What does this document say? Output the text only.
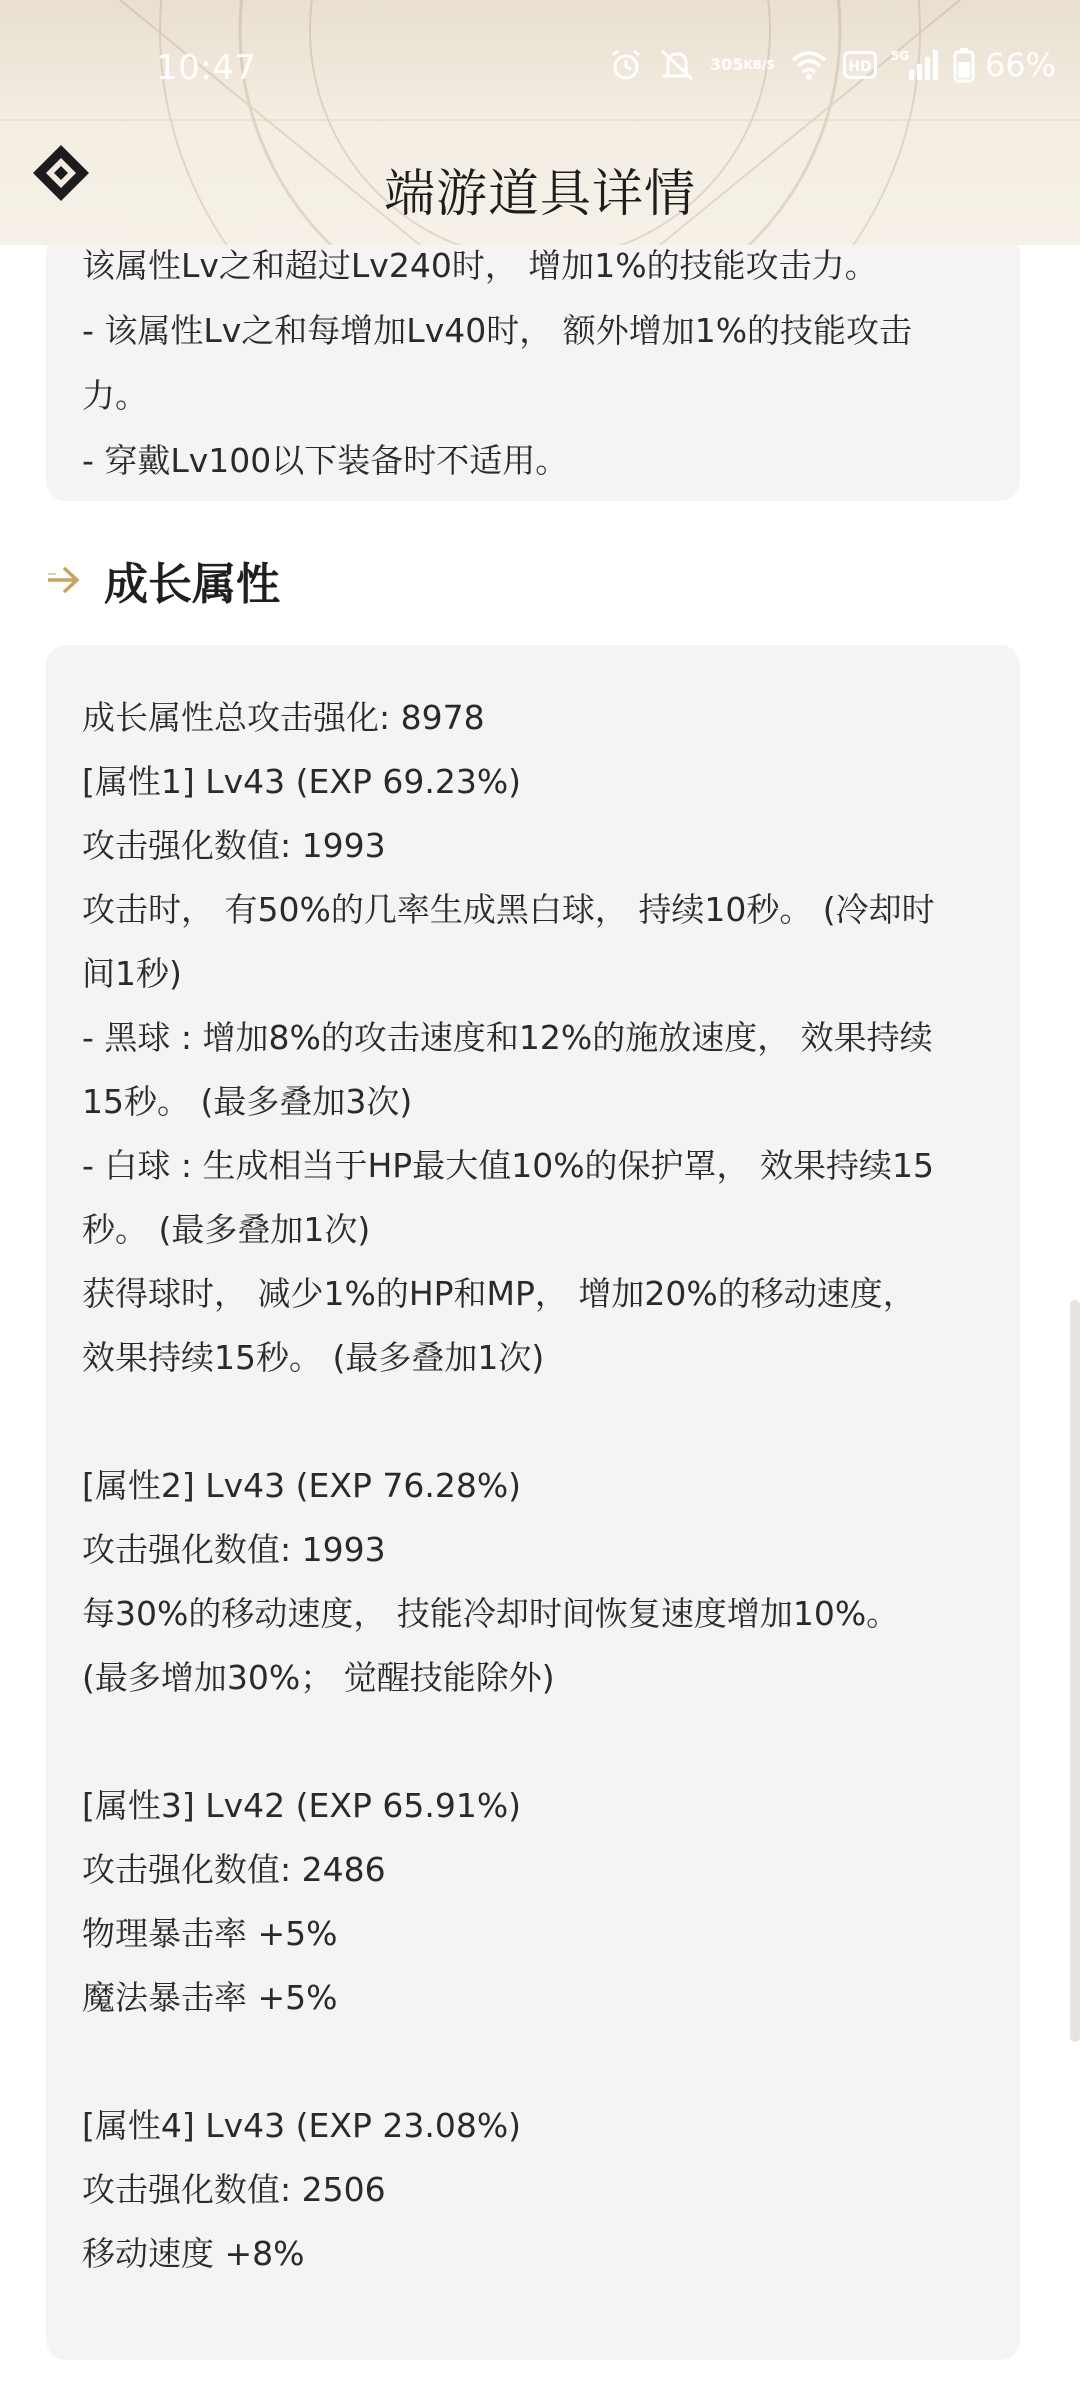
10:47	305 KB/S	HD
5G 66%
端游道具详情
该属性Lv之和超过Lv240时， 增加1%的技能攻击力。
- 该属性Lv之和每增加Lv40时， 额外增加1%的技能攻击
力。
- 穿戴Lv100以下装备时不适用。
成长属性
成长属性总攻击强化: 8978
[属性1] Lv43 (EXP 69.23%)
攻击强化数值: 1993
攻击时， 有50%的几率生成黑白球， 持续10秒。 (冷却时
间1秒)
- 黑球 : 增加8%的攻击速度和12%的施放速度， 效果持续
15秒。 (最多叠加3次)
- 白球 : 生成相当于HP最大值10%的保护罩， 效果持续15
秒。 (最多叠加1次)
获得球时， 减少1%的HP和MP， 增加20%的移动速度，
效果持续15秒。 (最多叠加1次)
[属性2] Lv43 (EXP 76.28%)
攻击强化数值: 1993
每30%的移动速度， 技能冷却时间恢复速度增加10%。
(最多增加30%； 觉醒技能除外)
[属性3] Lv42 (EXP 65.91%)
攻击强化数值: 2486
物理暴击率 +5%
魔法暴击率 +5%
[属性4] Lv43 (EXP 23.08%)
攻击强化数值: 2506
移动速度 +8%
